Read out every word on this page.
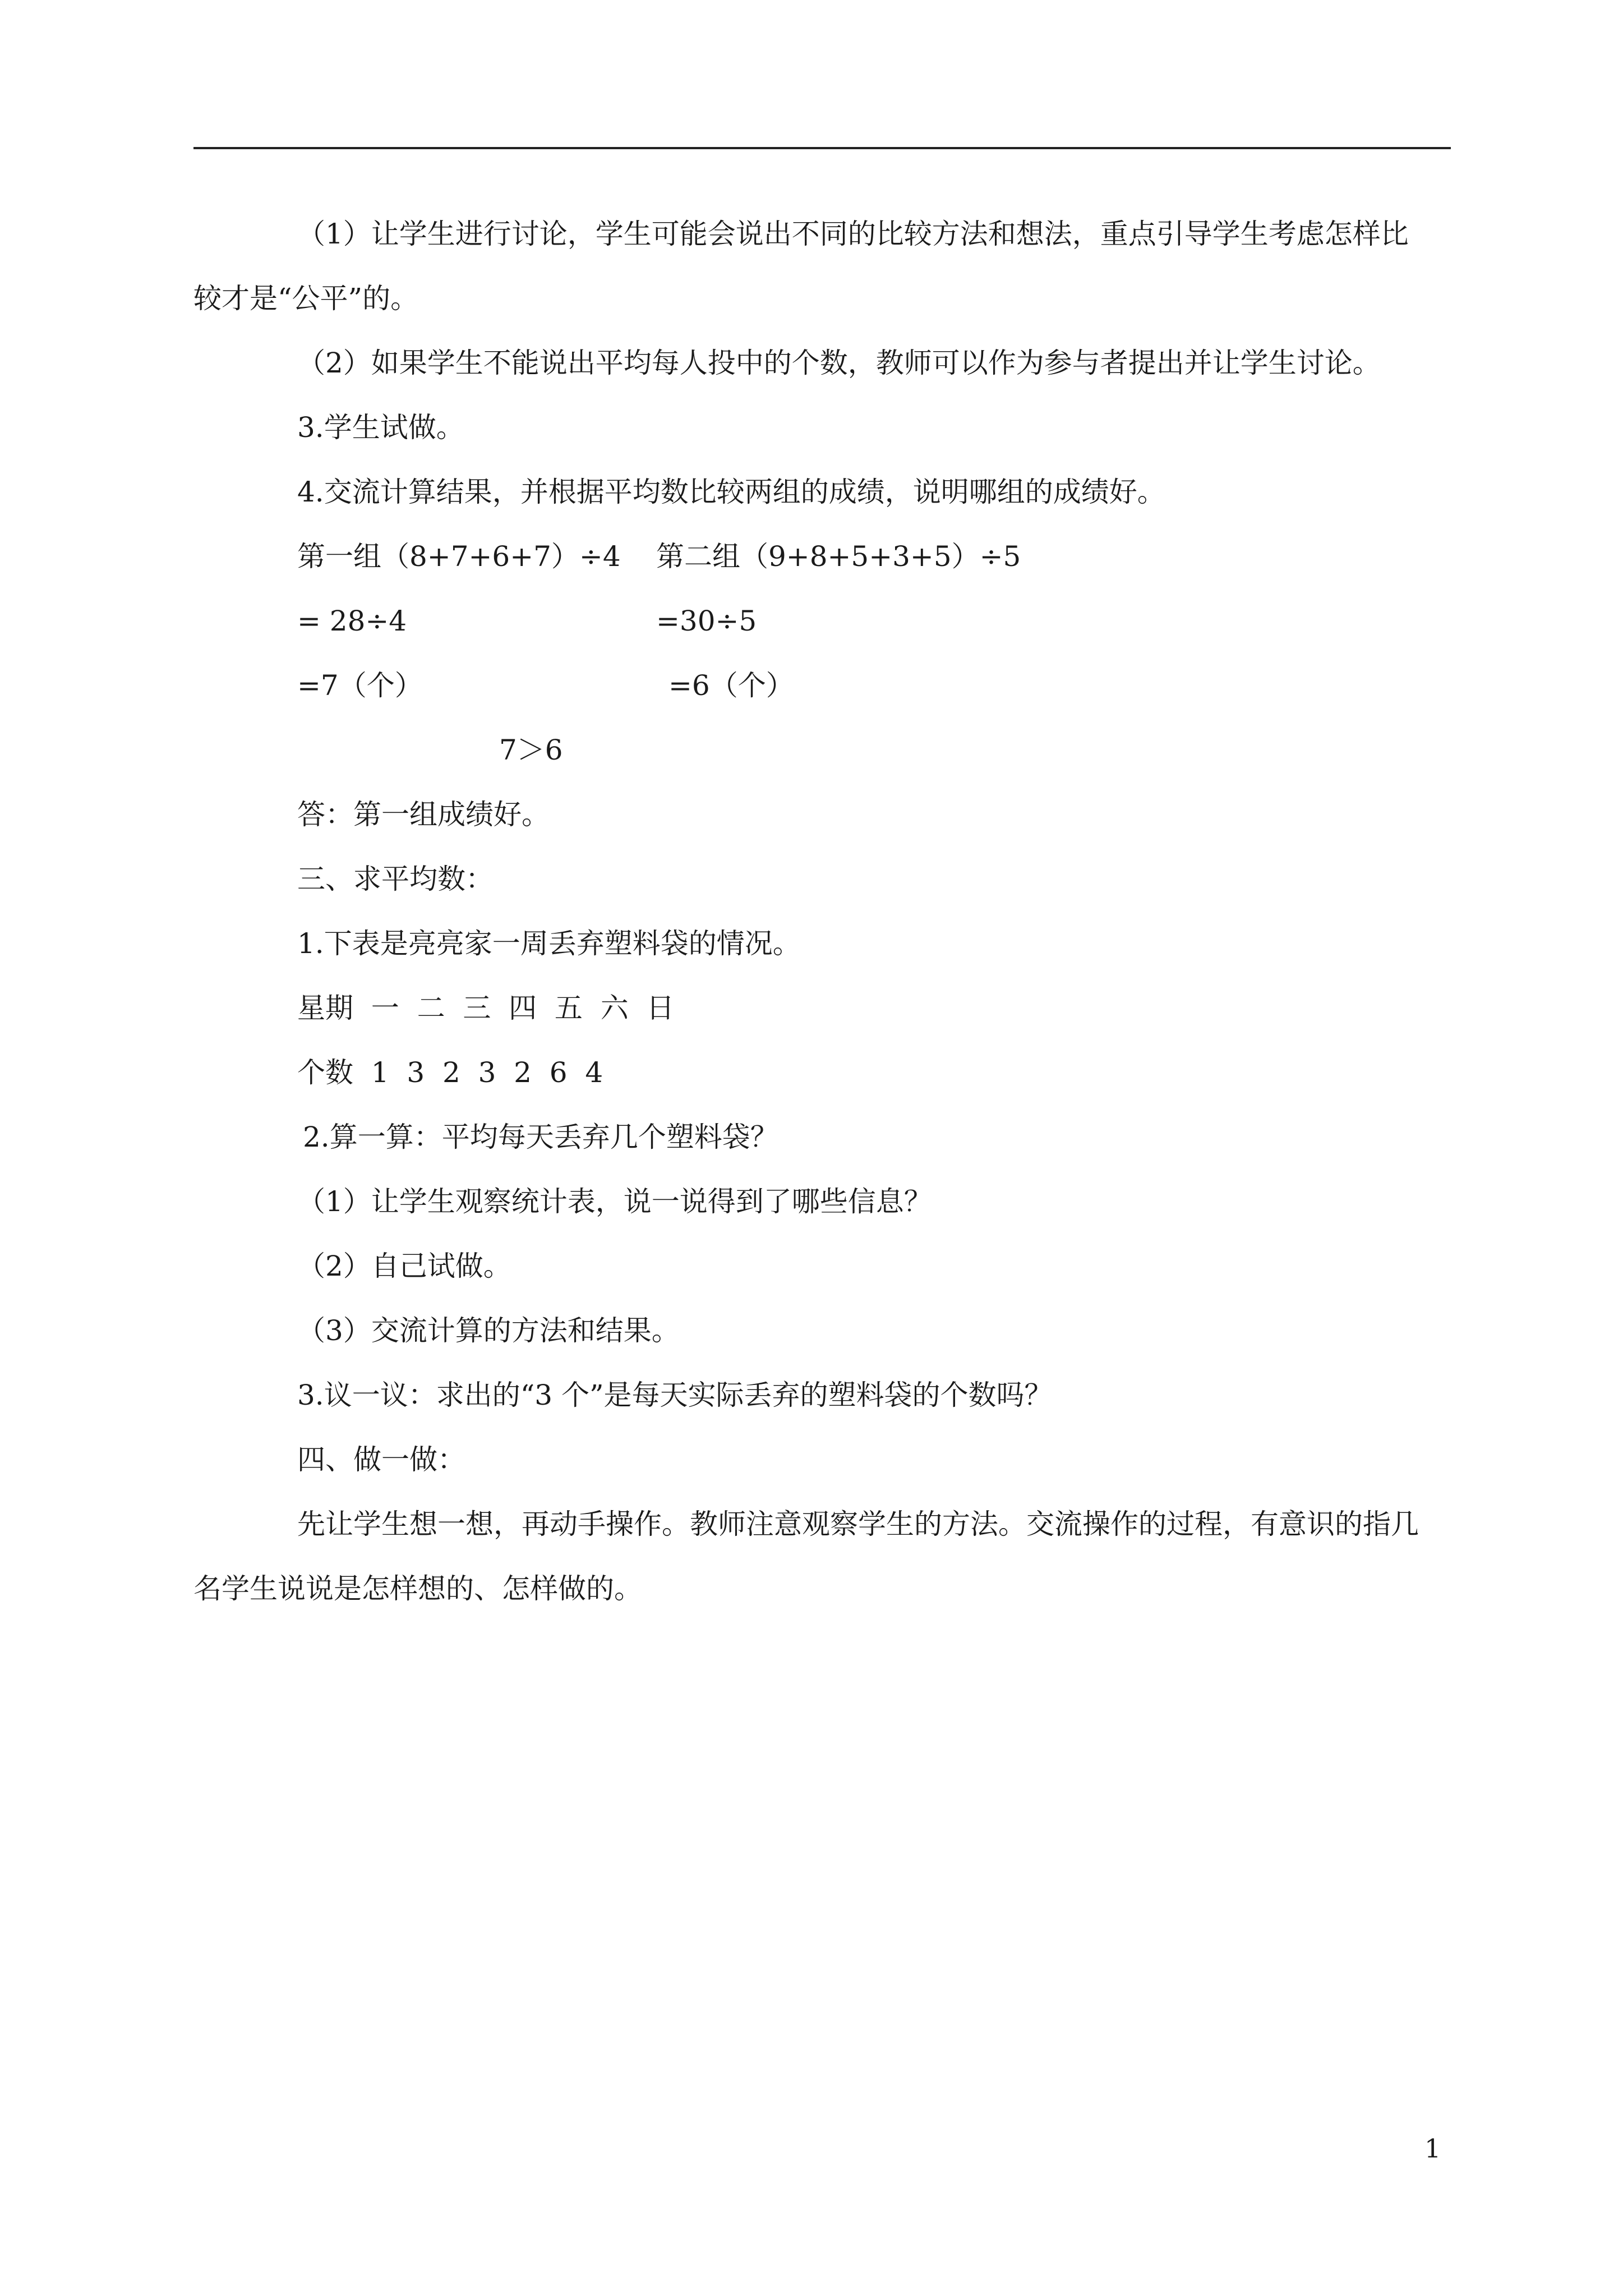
（1）让学生进行讨论，学生可能会说出不同的比较方法和想法，重点引导学生考虑怎样比

较才是“公平”的。

（2）如果学生不能说出平均每人投中的个数，教师可以作为参与者提出并让学生讨论。

3.学生试做。

4.交流计算结果，并根据平均数比较两组的成绩，说明哪组的成绩好。

第一组（8+7+6+7）÷4	第二组（9+8+5+3+5）÷5
= 28÷4	=30÷5
=7（个）	=6（个）
7＞6

答：第一组成绩好。

三、求平均数：

1.下表是亮亮家一周丢弃塑料袋的情况。

星期  一  二  三  四  五  六  日

个数  1  3  2  3  2  6  4

2.算一算：平均每天丢弃几个塑料袋？

（1）让学生观察统计表，说一说得到了哪些信息？

（2）自己试做。

（3）交流计算的方法和结果。

3.议一议：求出的“3 个”是每天实际丢弃的塑料袋的个数吗？

四、做一做：

先让学生想一想，再动手操作。教师注意观察学生的方法。交流操作的过程，有意识的指几

名学生说说是怎样想的、怎样做的。

1
